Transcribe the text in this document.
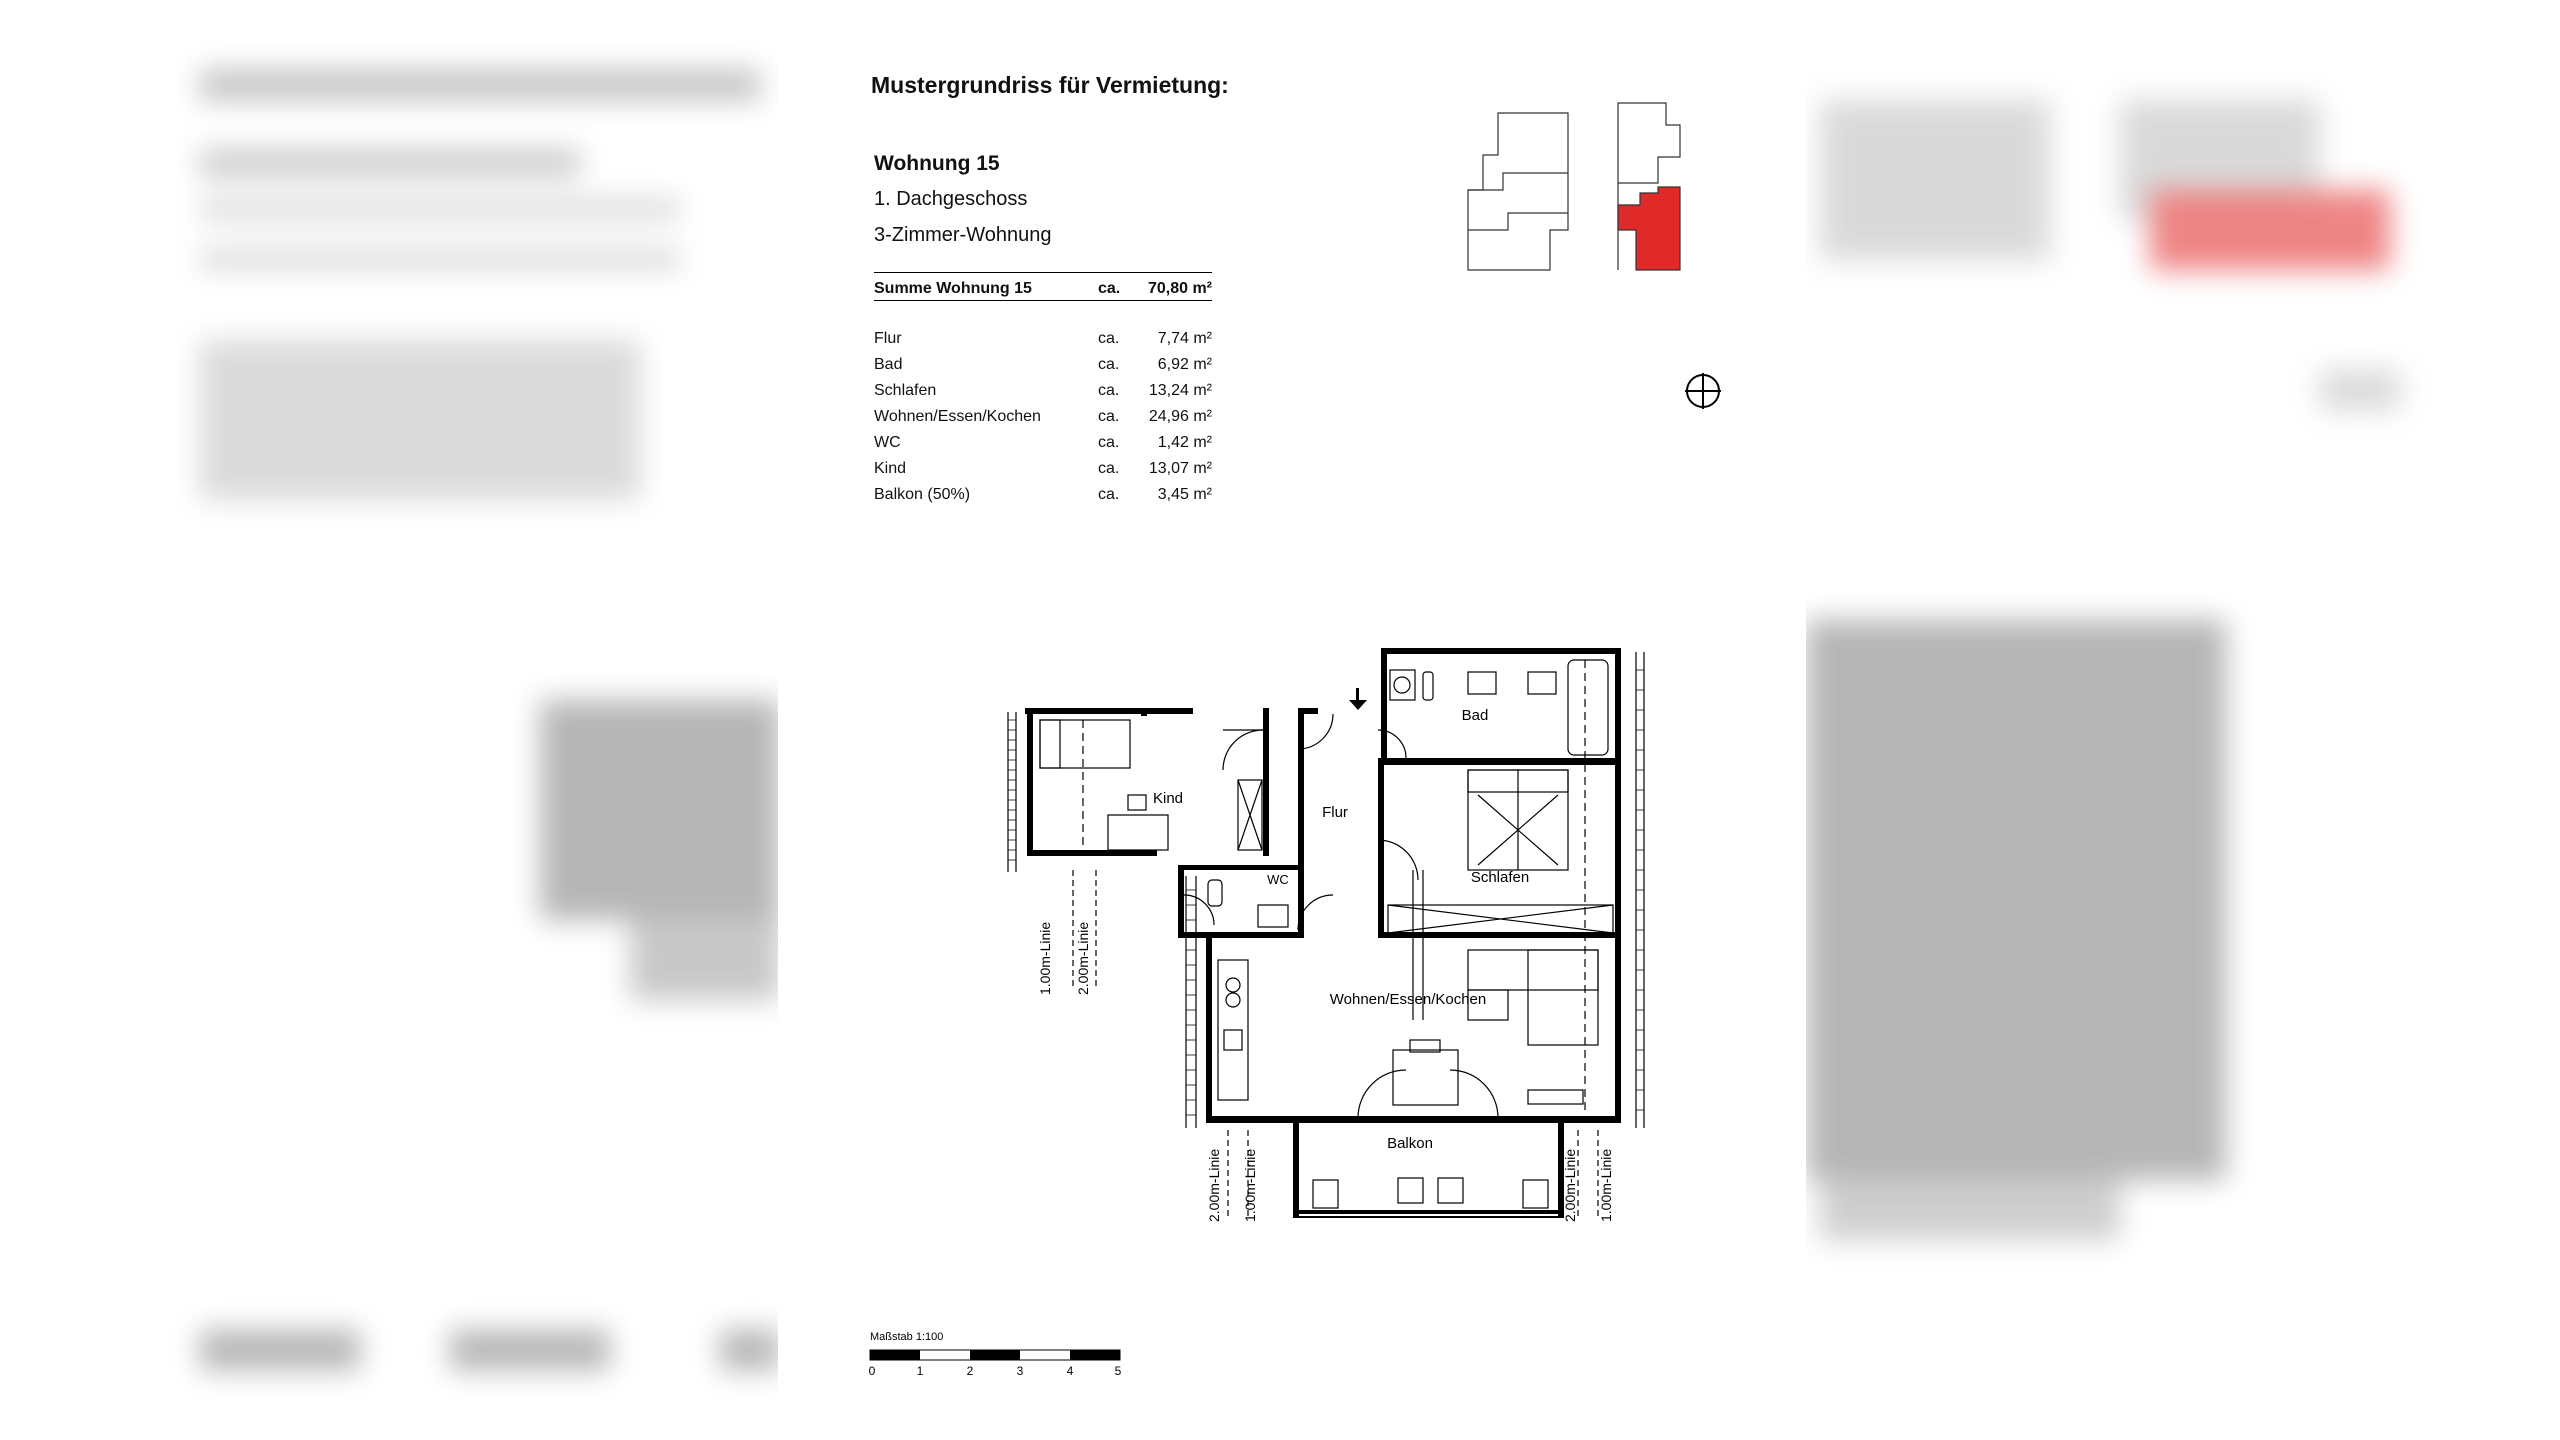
Mustergrundriss für Vermietung:
Wohnung 15
1. Dachgeschoss
3-Zimmer-Wohnung
Summe Wohnung 15	ca. 70,80 m²
Flur	ca. 7,74 m²
Bad	ca. 6,92 m²
Schlafen	ca. 13,24 m²
Wohnen/Essen/Kochen	ca. 24,96 m²
WC	ca. 1,42 m²
Kind	ca. 13,07 m²
Balkon (50%)	ca. 3,45 m²
Bad
Kind
Flur
Schlafen
WC
Wohnen/Essen/Kochen
Balkon
1.00m-Linie 2.00m-Linie
2.00m-Linie 1.00m-Linie	2.00m-Linie 1.00m-Linie
Maßstab 1:100
0	1	2	3	4	5
